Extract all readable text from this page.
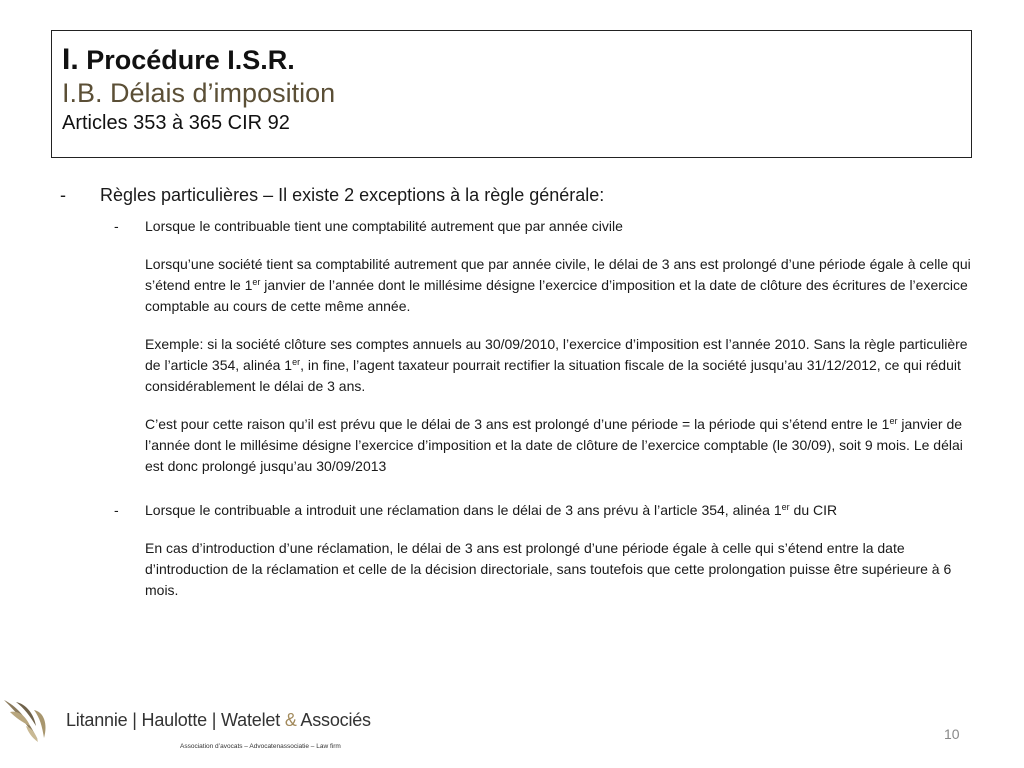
I. Procédure I.S.R.
I.B. Délais d’imposition
Articles 353 à 365 CIR 92
- Règles particulières – Il existe 2 exceptions à la règle générale:
- Lorsque le contribuable tient une comptabilité autrement que par année civile
Lorsqu’une société tient sa comptabilité autrement que par année civile, le délai de 3 ans est prolongé d’une période égale à celle qui s’étend entre le 1er janvier de l’année dont le millésime désigne l’exercice d’imposition et la date de clôture des écritures de l’exercice comptable au cours de cette même année.
Exemple: si la société clôture ses comptes annuels au 30/09/2010, l’exercice d’imposition est l’année 2010. Sans la règle particulière de l’article 354, alinéa 1er, in fine, l’agent taxateur pourrait rectifier la situation fiscale de la société jusqu’au 31/12/2012, ce qui réduit considérablement le délai de 3 ans.
C’est pour cette raison qu’il est prévu que le délai de 3 ans est prolongé d’une période = la période qui s’étend entre le 1er janvier de l’année dont le millésime désigne l’exercice d’imposition et la date de clôture de l’exercice comptable (le 30/09), soit 9 mois. Le délai est donc prolongé jusqu’au 30/09/2013
- Lorsque le contribuable a introduit une réclamation dans le délai de 3 ans prévu à l’article 354, alinéa 1er du CIR
En cas d’introduction d’une réclamation, le délai de 3 ans est prolongé d’une période égale à celle qui s’étend entre la date d’introduction de la réclamation et celle de la décision directoriale, sans toutefois que cette prolongation puisse être supérieure à 6 mois.
Litannie | Haulotte | Watelet & Associés
Association d’avocats – Advocatenassociatie – Law firm
10
